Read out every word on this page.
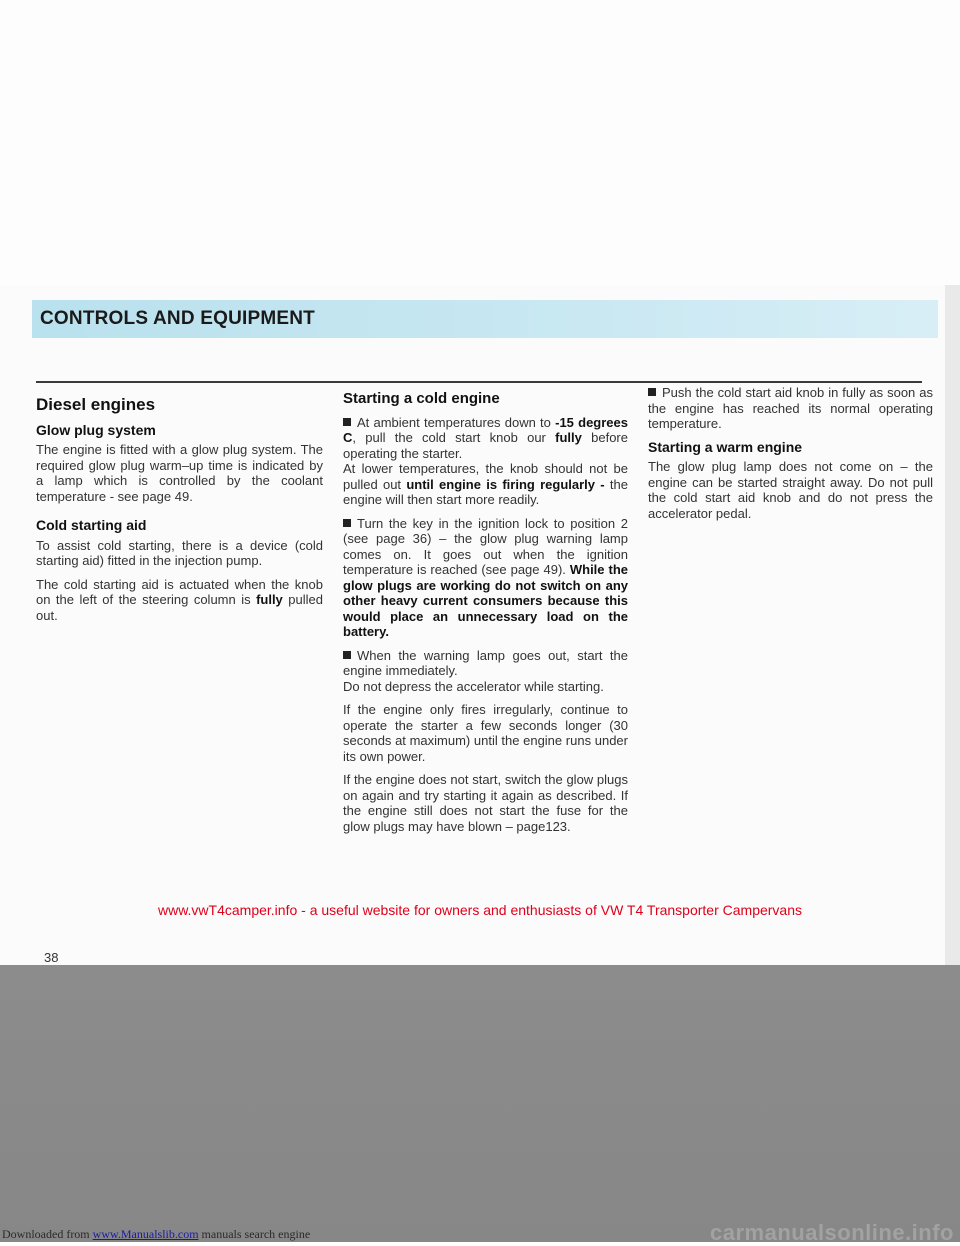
CONTROLS AND EQUIPMENT
Diesel engines
Glow plug system

The engine is fitted with a glow plug system. The required glow plug warm–up time is indicated by a lamp which is controlled by the coolant temperature - see page 49.

Cold starting aid

To assist cold starting, there is a device (cold starting aid) fitted in the injection pump.

The cold starting aid is actuated when the knob on the left of the steering column is fully pulled out.

Starting a cold engine

At ambient temperatures down to -15 degrees C, pull the cold start knob our fully before operating the starter.
At lower temperatures, the knob should not be pulled out until engine is firing regularly - the engine will then start more readily.

Turn the key in the ignition lock to position 2 (see page 36) – the glow plug warning lamp comes on. It goes out when the ignition temperature is reached (see page 49). While the glow plugs are working do not switch on any other heavy current consumers because this would place an unnecessary load on the battery.

When the warning lamp goes out, start the engine immediately.
Do not depress the accelerator while starting.

If the engine only fires irregularly, continue to operate the starter a few seconds longer (30 seconds at maximum) until the engine runs under its own power.

If the engine does not start, switch the glow plugs on again and try starting it again as described. If the engine still does not start the fuse for the glow plugs may have blown – page123.

Push the cold start aid knob in fully as soon as the engine has reached its normal operating temperature.

Starting a warm engine

The glow plug lamp does not come on – the engine can be started straight away. Do not pull the cold start aid knob and do not press the accelerator pedal.

www.vwT4camper.info - a useful website for owners and enthusiasts of VW T4 Transporter Campervans
38
Downloaded from www.Manualslib.com manuals search engine	carmanualsonline.info
